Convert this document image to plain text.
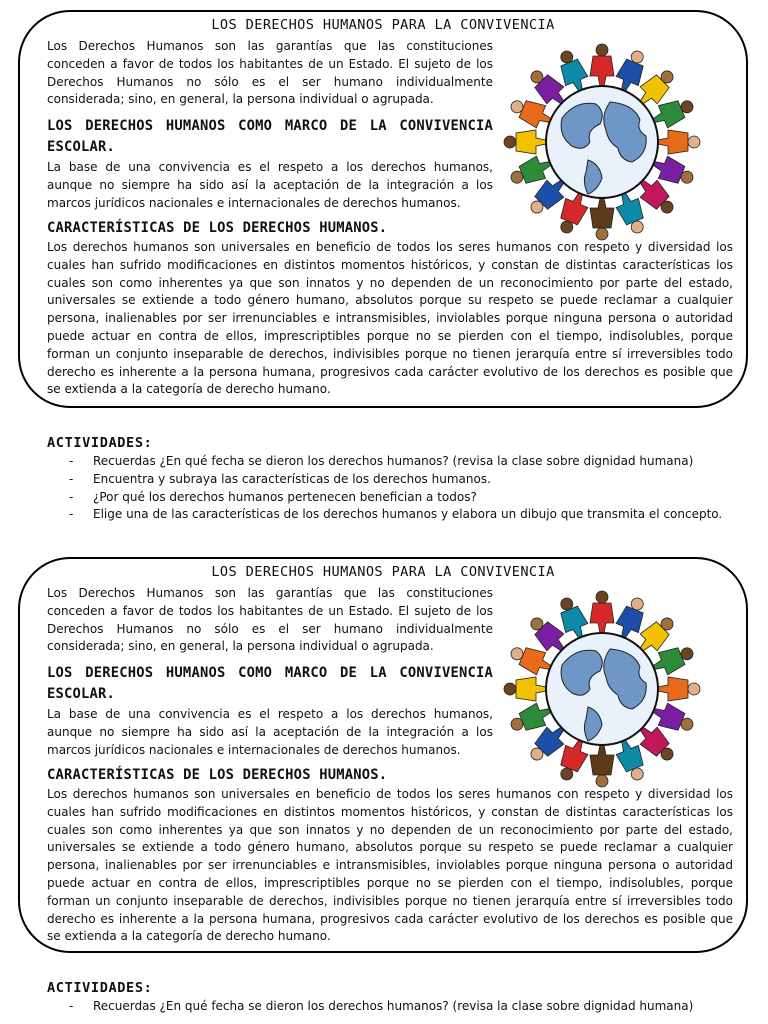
LOS DERECHOS HUMANOS PARA LA CONVIVENCIA
Los Derechos Humanos son las garantías que las constituciones conceden a favor de todos los habitantes de un Estado. El sujeto de los Derechos Humanos no sólo es el ser humano individualmente considerada; sino, en general, la persona individual o agrupada.
LOS DERECHOS HUMANOS COMO MARCO DE LA CONVIVENCIA ESCOLAR.
La base de una convivencia es el respeto a los derechos humanos, aunque no siempre ha sido así la aceptación de la integración a los marcos jurídicos nacionales e internacionales de derechos humanos.
CARACTERÍSTICAS DE LOS DERECHOS HUMANOS.
Los derechos humanos son universales en beneficio de todos los seres humanos con respeto y diversidad los cuales han sufrido modificaciones en distintos momentos históricos, y constan de distintas características los cuales son como inherentes ya que son innatos y no dependen de un reconocimiento por parte del estado, universales se extiende a todo género humano, absolutos porque su respeto se puede reclamar a cualquier persona, inalienables por ser irrenunciables e intransmisibles, inviolables porque ninguna persona o autoridad puede actuar en contra de ellos, imprescriptibles porque no se pierden con el tiempo, indisolubles, porque forman un conjunto inseparable de derechos, indivisibles porque no tienen jerarquía entre sí irreversibles todo derecho es inherente a la persona humana, progresivos cada carácter evolutivo de los derechos es posible que se extienda a la categoría de derecho humano.
ACTIVIDADES:
- Recuerdas ¿En qué fecha se dieron los derechos humanos? (revisa la clase sobre dignidad humana)
- Encuentra y subraya las características de los derechos humanos.
- ¿Por qué los derechos humanos pertenecen benefician a todos?
- Elige una de las características de los derechos humanos y elabora un dibujo que transmita el concepto.
LOS DERECHOS HUMANOS PARA LA CONVIVENCIA
Los Derechos Humanos son las garantías que las constituciones conceden a favor de todos los habitantes de un Estado. El sujeto de los Derechos Humanos no sólo es el ser humano individualmente considerada; sino, en general, la persona individual o agrupada.
LOS DERECHOS HUMANOS COMO MARCO DE LA CONVIVENCIA ESCOLAR.
La base de una convivencia es el respeto a los derechos humanos, aunque no siempre ha sido así la aceptación de la integración a los marcos jurídicos nacionales e internacionales de derechos humanos.
CARACTERÍSTICAS DE LOS DERECHOS HUMANOS.
Los derechos humanos son universales en beneficio de todos los seres humanos con respeto y diversidad los cuales han sufrido modificaciones en distintos momentos históricos, y constan de distintas características los cuales son como inherentes ya que son innatos y no dependen de un reconocimiento por parte del estado, universales se extiende a todo género humano, absolutos porque su respeto se puede reclamar a cualquier persona, inalienables por ser irrenunciables e intransmisibles, inviolables porque ninguna persona o autoridad puede actuar en contra de ellos, imprescriptibles porque no se pierden con el tiempo, indisolubles, porque forman un conjunto inseparable de derechos, indivisibles porque no tienen jerarquía entre sí irreversibles todo derecho es inherente a la persona humana, progresivos cada carácter evolutivo de los derechos es posible que se extienda a la categoría de derecho humano.
ACTIVIDADES:
- Recuerdas ¿En qué fecha se dieron los derechos humanos? (revisa la clase sobre dignidad humana)
